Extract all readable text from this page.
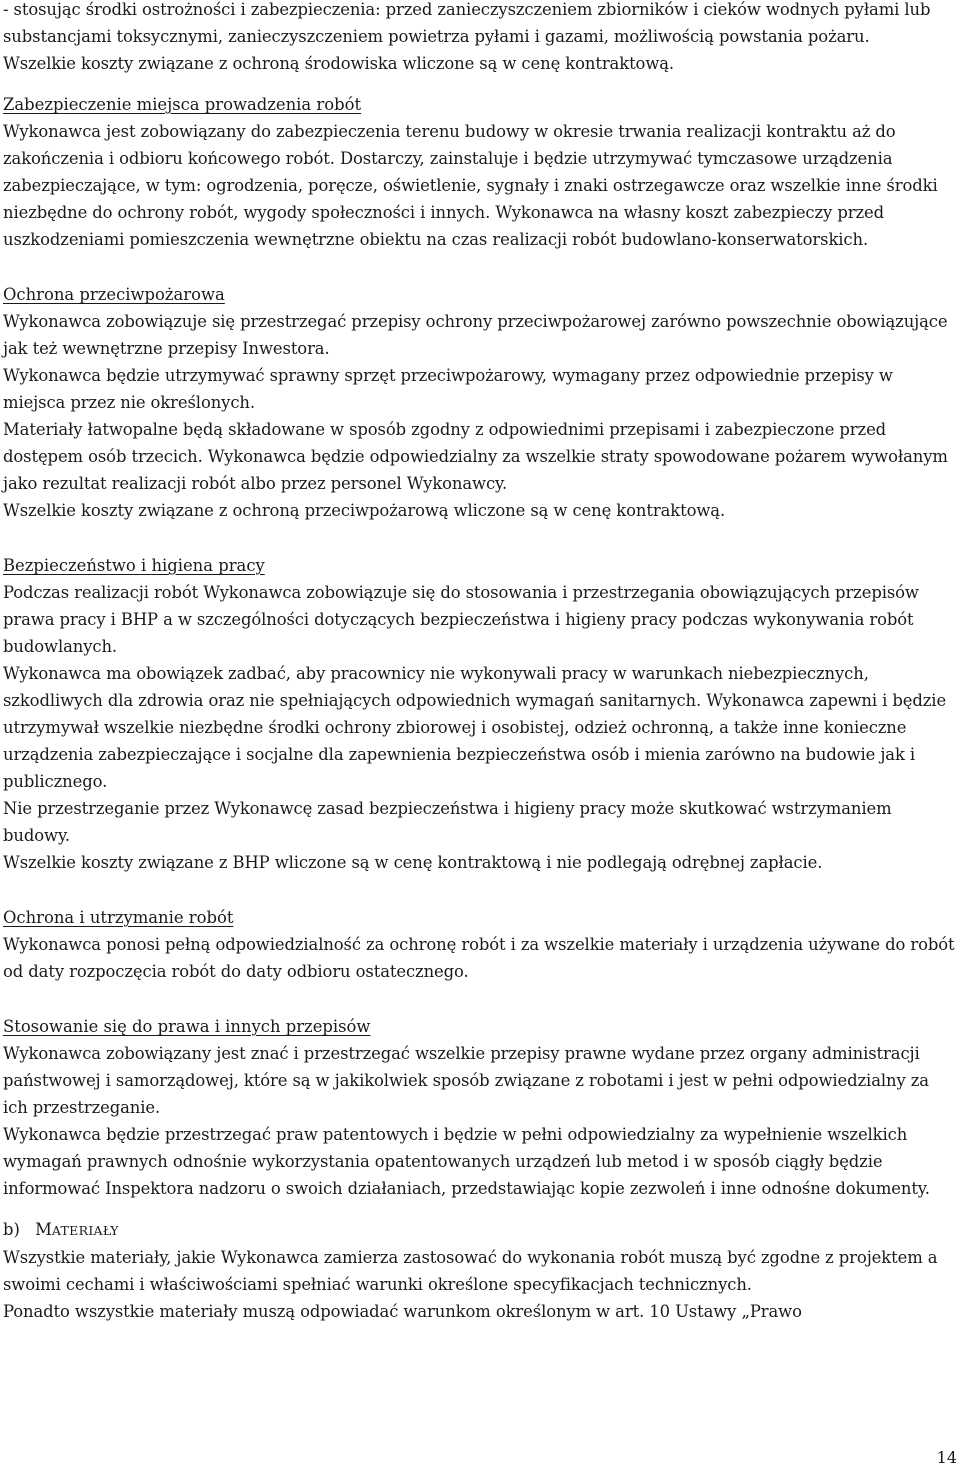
- stosując środki ostrożności i zabezpieczenia: przed zanieczyszczeniem zbiorników i cieków wodnych pyłami lub substancjami toksycznymi, zanieczyszczeniem powietrza pyłami i gazami, możliwością powstania pożaru.

Wszelkie koszty związane z ochroną środowiska wliczone są w cenę kontraktową.

Zabezpieczenie miejsca prowadzenia robót

Wykonawca jest zobowiązany do zabezpieczenia terenu budowy w okresie trwania realizacji kontraktu aż do zakończenia i odbioru końcowego robót. Dostarczy, zainstaluje i będzie utrzymywać tymczasowe urządzenia zabezpieczające, w tym: ogrodzenia, poręcze, oświetlenie, sygnały i znaki ostrzegawcze oraz wszelkie inne środki niezbędne do ochrony robót, wygody społeczności i innych. Wykonawca na własny koszt zabezpieczy przed uszkodzeniami pomieszczenia wewnętrzne obiektu na czas realizacji robót budowlano-konserwatorskich.

Ochrona przeciwpożarowa

Wykonawca zobowiązuje się przestrzegać przepisy ochrony przeciwpożarowej zarówno powszechnie obowiązujące jak też wewnętrzne przepisy Inwestora.

Wykonawca będzie utrzymywać sprawny sprzęt przeciwpożarowy, wymagany przez odpowiednie przepisy w miejsca przez nie określonych.

Materiały łatwopalne będą składowane w sposób zgodny z odpowiednimi przepisami i zabezpieczone przed dostępem osób trzecich. Wykonawca będzie odpowiedzialny za wszelkie straty spowodowane pożarem wywołanym jako rezultat realizacji robót albo przez personel Wykonawcy.

Wszelkie koszty związane z ochroną przeciwpożarową wliczone są w cenę kontraktową.

Bezpieczeństwo i higiena pracy

Podczas realizacji robót Wykonawca zobowiązuje się do stosowania i przestrzegania obowiązujących przepisów prawa pracy i BHP a w szczególności dotyczących bezpieczeństwa i higieny pracy podczas wykonywania robót budowlanych.

Wykonawca ma obowiązek zadbać, aby pracownicy nie wykonywali pracy w warunkach niebezpiecznych, szkodliwych dla zdrowia oraz nie spełniających odpowiednich wymagań sanitarnych. Wykonawca zapewni i będzie utrzymywał wszelkie niezbędne środki ochrony zbiorowej i osobistej, odzież ochronną, a także inne konieczne urządzenia zabezpieczające i socjalne dla zapewnienia bezpieczeństwa osób i mienia zarówno na budowie jak i publicznego.

Nie przestrzeganie przez Wykonawcę zasad bezpieczeństwa i higieny pracy może skutkować wstrzymaniem budowy.

Wszelkie koszty związane z BHP wliczone są w cenę kontraktową i nie podlegają odrębnej zapłacie.

Ochrona i utrzymanie robót

Wykonawca ponosi pełną odpowiedzialność za ochronę robót i za wszelkie materiały i urządzenia używane do robót od daty rozpoczęcia robót do daty odbioru ostatecznego.

Stosowanie się do prawa i innych przepisów

Wykonawca zobowiązany jest znać i przestrzegać wszelkie przepisy prawne wydane przez organy administracji państwowej i samorządowej, które są w jakikolwiek sposób związane z robotami i jest w pełni odpowiedzialny za ich przestrzeganie.

Wykonawca będzie przestrzegać praw patentowych i będzie w pełni odpowiedzialny za wypełnienie wszelkich wymagań prawnych odnośnie wykorzystania opatentowanych urządzeń lub metod i w sposób ciągły będzie informować Inspektora nadzoru o swoich działaniach, przedstawiając kopie zezwoleń i inne odnośne dokumenty.

b) MATERIAŁY

Wszystkie materiały, jakie Wykonawca zamierza zastosować do wykonania robót muszą być zgodne z projektem a swoimi cechami i właściwościami spełniać warunki określone specyfikacjach technicznych.

Ponadto wszystkie materiały muszą odpowiadać warunkom określonym w art. 10 Ustawy „Prawo

14
